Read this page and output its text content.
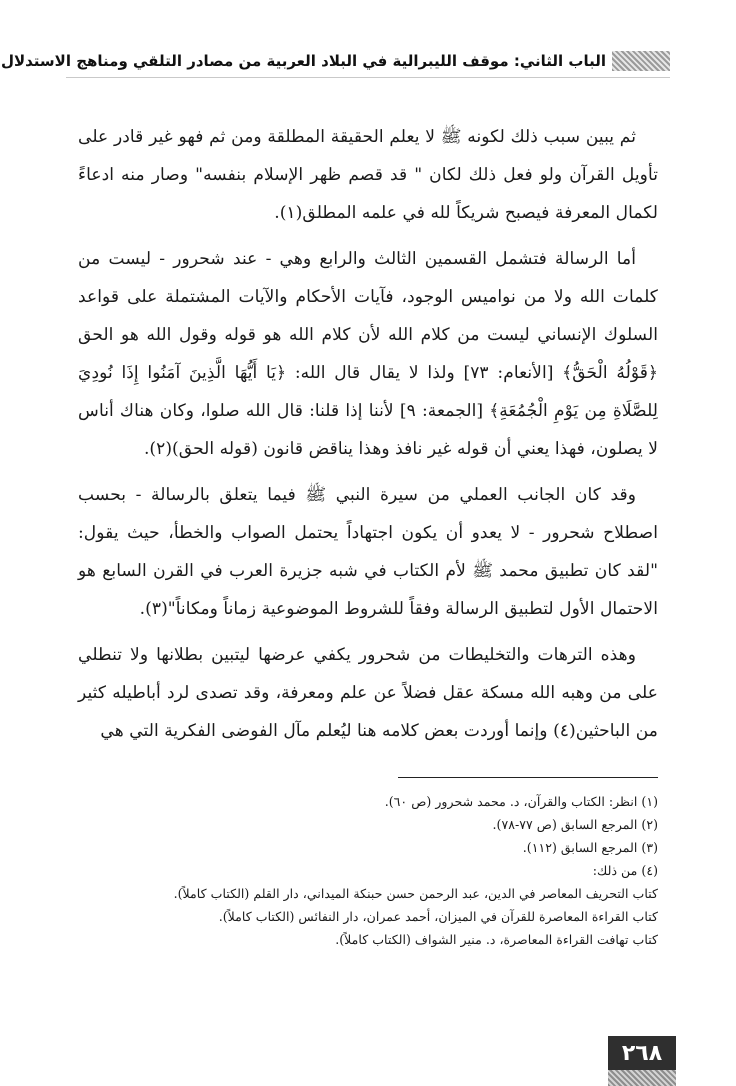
الباب الثاني: موقف الليبرالية في البلاد العربية من مصادر التلقي ومناهج الاستدلال

ثم يبين سبب ذلك لكونه ﷺ لا يعلم الحقيقة المطلقة ومن ثم فهو غير قادر على تأويل القرآن ولو فعل ذلك لكان " قد قصم ظهر الإسلام بنفسه" وصار منه ادعاءً لكمال المعرفة فيصبح شريكاً لله في علمه المطلق(١).

أما الرسالة فتشمل القسمين الثالث والرابع وهي - عند شحرور - ليست من كلمات الله ولا من نواميس الوجود، فآيات الأحكام والآيات المشتملة على قواعد السلوك الإنساني ليست من كلام الله لأن كلام الله هو قوله وقول الله هو الحق ﴿قَوْلُهُ الْحَقُّ﴾ [الأنعام: ٧٣] ولذا لا يقال قال الله: ﴿يَا أَيُّهَا الَّذِينَ آمَنُوا إِذَا نُودِيَ لِلصَّلَاةِ مِن يَوْمِ الْجُمُعَةِ﴾ [الجمعة: ٩] لأننا إذا قلنا: قال الله صلوا، وكان هناك أناس لا يصلون، فهذا يعني أن قوله غير نافذ وهذا يناقض قانون (قوله الحق)(٢).

وقد كان الجانب العملي من سيرة النبي ﷺ فيما يتعلق بالرسالة - بحسب اصطلاح شحرور - لا يعدو أن يكون اجتهاداً يحتمل الصواب والخطأ، حيث يقول: "لقد كان تطبيق محمد ﷺ لأم الكتاب في شبه جزيرة العرب في القرن السابع هو الاحتمال الأول لتطبيق الرسالة وفقاً للشروط الموضوعية زماناً ومكاناً"(٣).

وهذه الترهات والتخليطات من شحرور يكفي عرضها ليتبين بطلانها ولا تنطلي على من وهبه الله مسكة عقل فضلاً عن علم ومعرفة، وقد تصدى لرد أباطيله كثير من الباحثين(٤) وإنما أوردت بعض كلامه هنا ليُعلم مآل الفوضى الفكرية التي هي

(١) انظر: الكتاب والقرآن، د. محمد شحرور (ص ٦٠).
(٢) المرجع السابق (ص ٧٧-٧٨).
(٣) المرجع السابق (١١٢).
(٤) من ذلك:
كتاب التحريف المعاصر في الدين، عبد الرحمن حسن حبنكة الميداني، دار القلم (الكتاب كاملاً).
كتاب القراءة المعاصرة للقرآن في الميزان، أحمد عمران، دار النفائس (الكتاب كاملاً).
كتاب تهافت القراءة المعاصرة، د. منير الشواف (الكتاب كاملاً).
٢٦٨
